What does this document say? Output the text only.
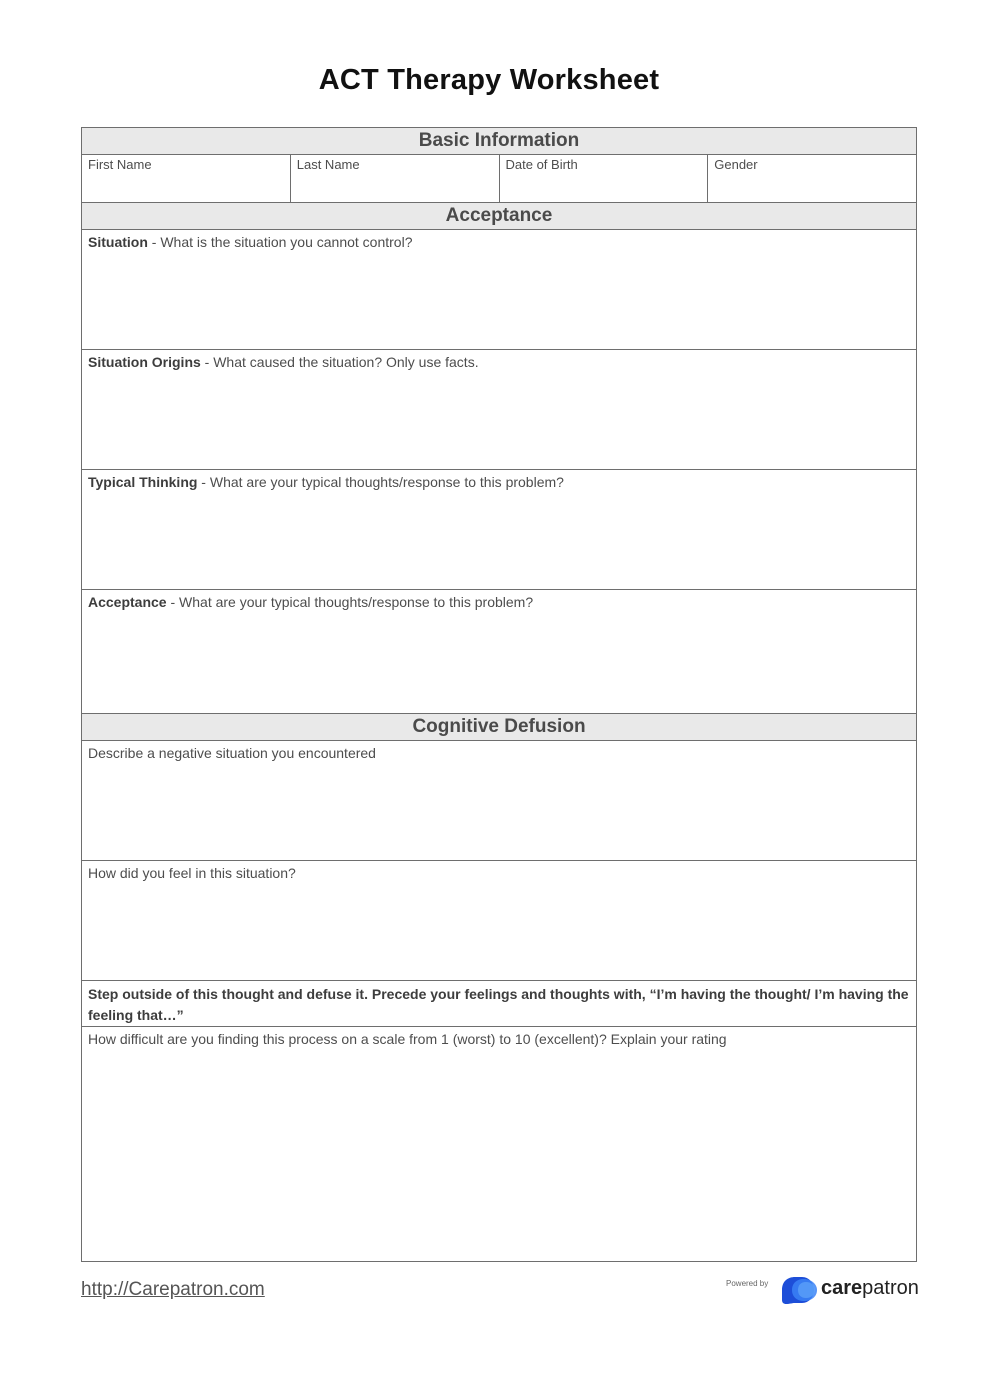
ACT Therapy Worksheet
Basic Information
First Name	Last Name	Date of Birth	Gender
Acceptance
Situation - What is the situation you cannot control?
Situation Origins - What caused the situation? Only use facts.
Typical Thinking - What are your typical thoughts/response to this problem?
Acceptance - What are your typical thoughts/response to this problem?
Cognitive Defusion
Describe a negative situation you encountered
How did you feel in this situation?
Step outside of this thought and defuse it. Precede your feelings and thoughts with, “I’m having the thought/ I’m having the feeling that…”
How difficult are you finding this process on a scale from 1 (worst) to 10 (excellent)? Explain your rating
http://Carepatron.com	Powered by	carepatron
